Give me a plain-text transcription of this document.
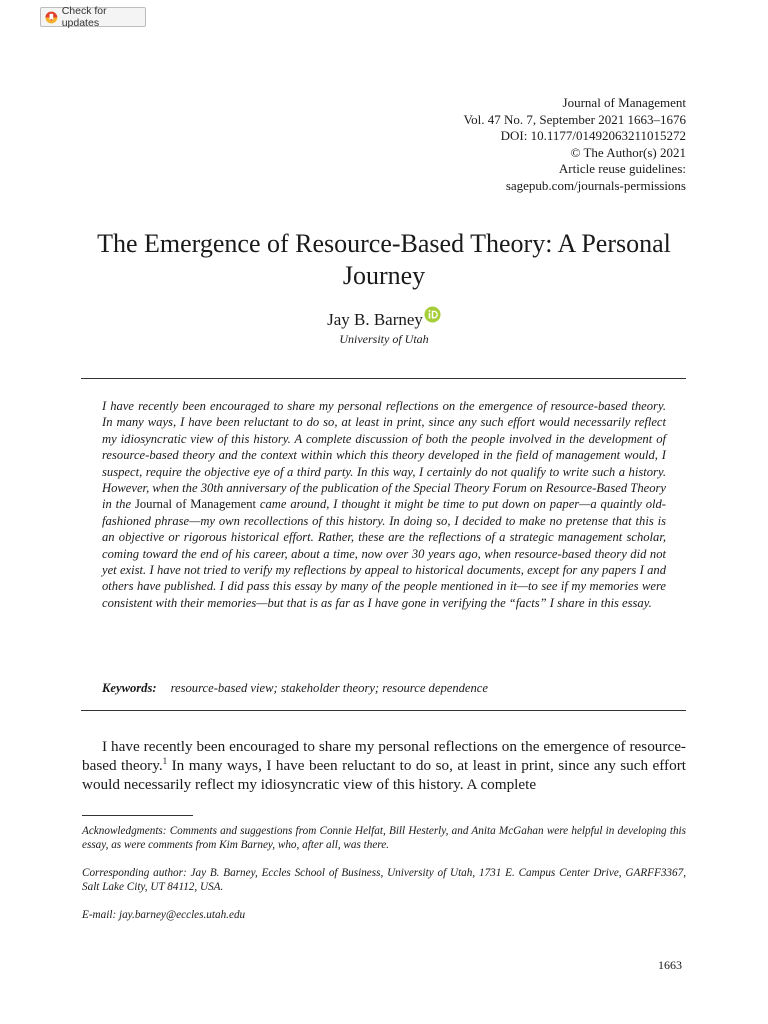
Check for updates
Journal of Management
Vol. 47 No. 7, September 2021 1663–1676
DOI: 10.1177/01492063211015272
© The Author(s) 2021
Article reuse guidelines:
sagepub.com/journals-permissions
The Emergence of Resource-Based Theory: A Personal Journey
Jay B. Barney
University of Utah

I have recently been encouraged to share my personal reflections on the emergence of resource-based theory. In many ways, I have been reluctant to do so, at least in print, since any such effort would necessarily reflect my idiosyncratic view of this history. A complete discussion of both the people involved in the development of resource-based theory and the context within which this theory developed in the field of management would, I suspect, require the objective eye of a third party. In this way, I certainly do not qualify to write such a history. However, when the 30th anniversary of the publication of the Special Theory Forum on Resource-Based Theory in the Journal of Management came around, I thought it might be time to put down on paper—a quaintly old-fashioned phrase—my own recollections of this history. In doing so, I decided to make no pretense that this is an objective or rigorous historical effort. Rather, these are the reflections of a strategic management scholar, coming toward the end of his career, about a time, now over 30 years ago, when resource-based theory did not yet exist. I have not tried to verify my reflections by appeal to historical documents, except for any papers I and others have published. I did pass this essay by many of the people mentioned in it—to see if my memories were consistent with their memories—but that is as far as I have gone in verifying the “facts” I share in this essay.

Keywords: resource-based view; stakeholder theory; resource dependence

I have recently been encouraged to share my personal reflections on the emergence of resource-based theory.$^1$ In many ways, I have been reluctant to do so, at least in print, since any such effort would necessarily reflect my idiosyncratic view of this history. A complete

Acknowledgments: Comments and suggestions from Connie Helfat, Bill Hesterly, and Anita McGahan were helpful in developing this essay, as were comments from Kim Barney, who, after all, was there.

Corresponding author: Jay B. Barney, Eccles School of Business, University of Utah, 1731 E. Campus Center Drive, GARFF3367, Salt Lake City, UT 84112, USA.

E-mail: jay.barney@eccles.utah.edu

1663
